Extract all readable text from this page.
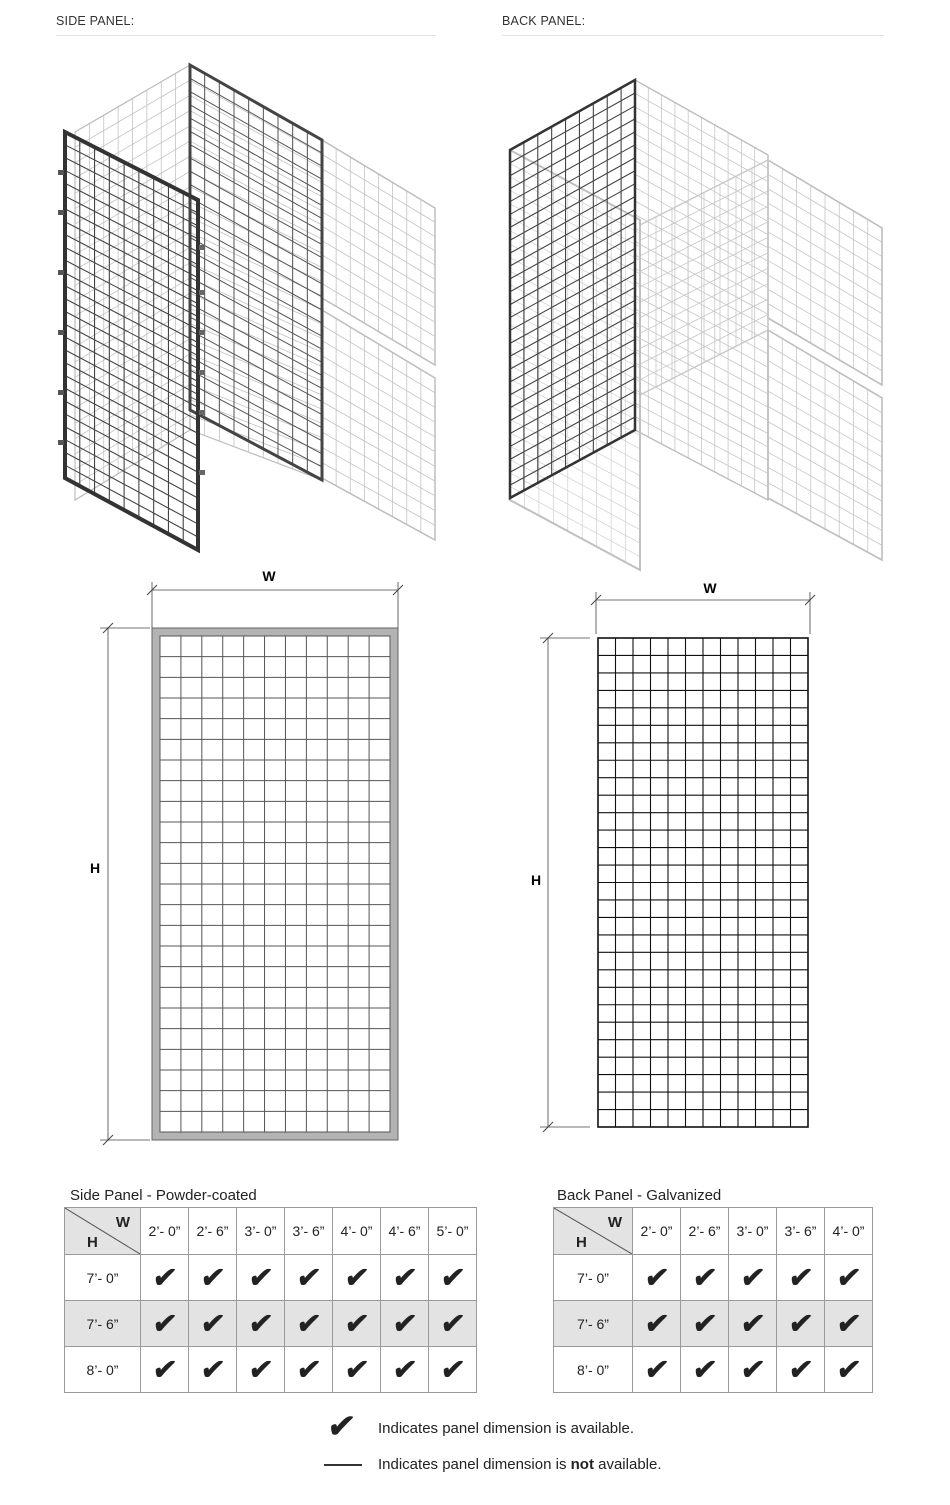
SIDE PANEL:	BACK PANEL:
W
H
W
H
Side Panel - Powder-coated
W
H	2’- 0”	2’- 6”	3’- 0”	3’- 6”	4’- 0”	4’- 6”	5’- 0”
7’- 0”	✔	✔	✔	✔	✔	✔	✔
7’- 6”	✔	✔	✔	✔	✔	✔	✔
8’- 0”	✔	✔	✔	✔	✔	✔	✔
Back Panel - Galvanized
W
H	2’- 0”	2’- 6”	3’- 0”	3’- 6”	4’- 0”
7’- 0”	✔	✔	✔	✔	✔
7’- 6”	✔	✔	✔	✔	✔
8’- 0”	✔	✔	✔	✔	✔
✔ Indicates panel dimension is available.
Indicates panel dimension is not available.
